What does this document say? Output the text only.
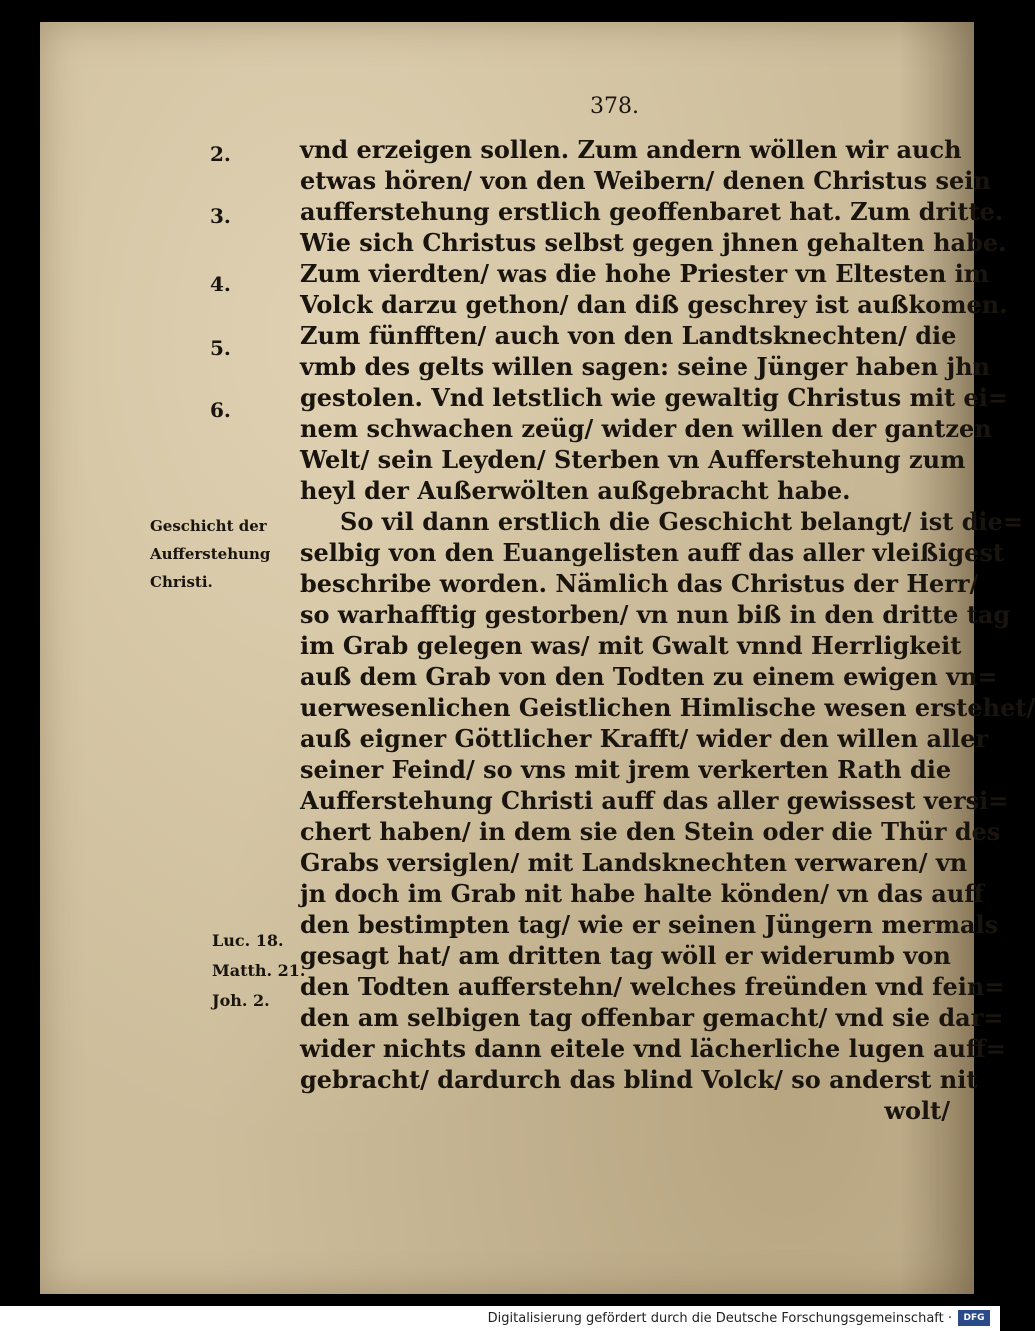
378.
2.
3.
4.
5.
6.
vnd erzeigen sollen. Zum andern wöllen wir auch
etwas hören/ von den Weibern/ denen Christus sein
aufferstehung erstlich geoffenbaret hat. Zum dritte.
Wie sich Christus selbst gegen jhnen gehalten habe.
Zum vierdten/ was die hohe Priester vn Eltesten im
Volck darzu gethon/ dan diß geschrey ist außkomen.
Zum fünfften/ auch von den Landtsknechten/ die
vmb des gelts willen sagen: seine Jünger haben jhn
gestolen. Vnd letstlich wie gewaltig Christus mit ei=
nem schwachen zeüg/ wider den willen der gantzen
Welt/ sein Leyden/ Sterben vn Aufferstehung zum
heyl der Außerwölten außgebracht habe.
So vil dann erstlich die Geschicht belangt/ ist die=
selbig von den Euangelisten auff das aller vleißigest
beschribe worden. Nämlich das Christus der Herr/
so warhafftig gestorben/ vn nun biß in den dritte tag
im Grab gelegen was/ mit Gwalt vnnd Herrligkeit
auß dem Grab von den Todten zu einem ewigen vn=
uerwesenlichen Geistlichen Himlische wesen erstehet/
auß eigner Göttlicher Krafft/ wider den willen aller
seiner Feind/ so vns mit jrem verkerten Rath die
Aufferstehung Christi auff das aller gewissest versi=
chert haben/ in dem sie den Stein oder die Thür des
Grabs versiglen/ mit Landsknechten verwaren/ vn
jn doch im Grab nit habe halte könden/ vn das auff
den bestimpten tag/ wie er seinen Jüngern mermals
gesagt hat/ am dritten tag wöll er widerumb von
den Todten aufferstehn/ welches freünden vnd fein=
den am selbigen tag offenbar gemacht/ vnd sie dar=
wider nichts dann eitele vnd lächerliche lugen auff=
gebracht/ dardurch das blind Volck/ so anderst nit
wolt/
Geschicht der
Aufferstehung
Christi.
Luc. 18.
Matth. 21.
Joh. 2.
Digitalisierung gefördert durch die Deutsche Forschungsgemeinschaft ·	DFG
